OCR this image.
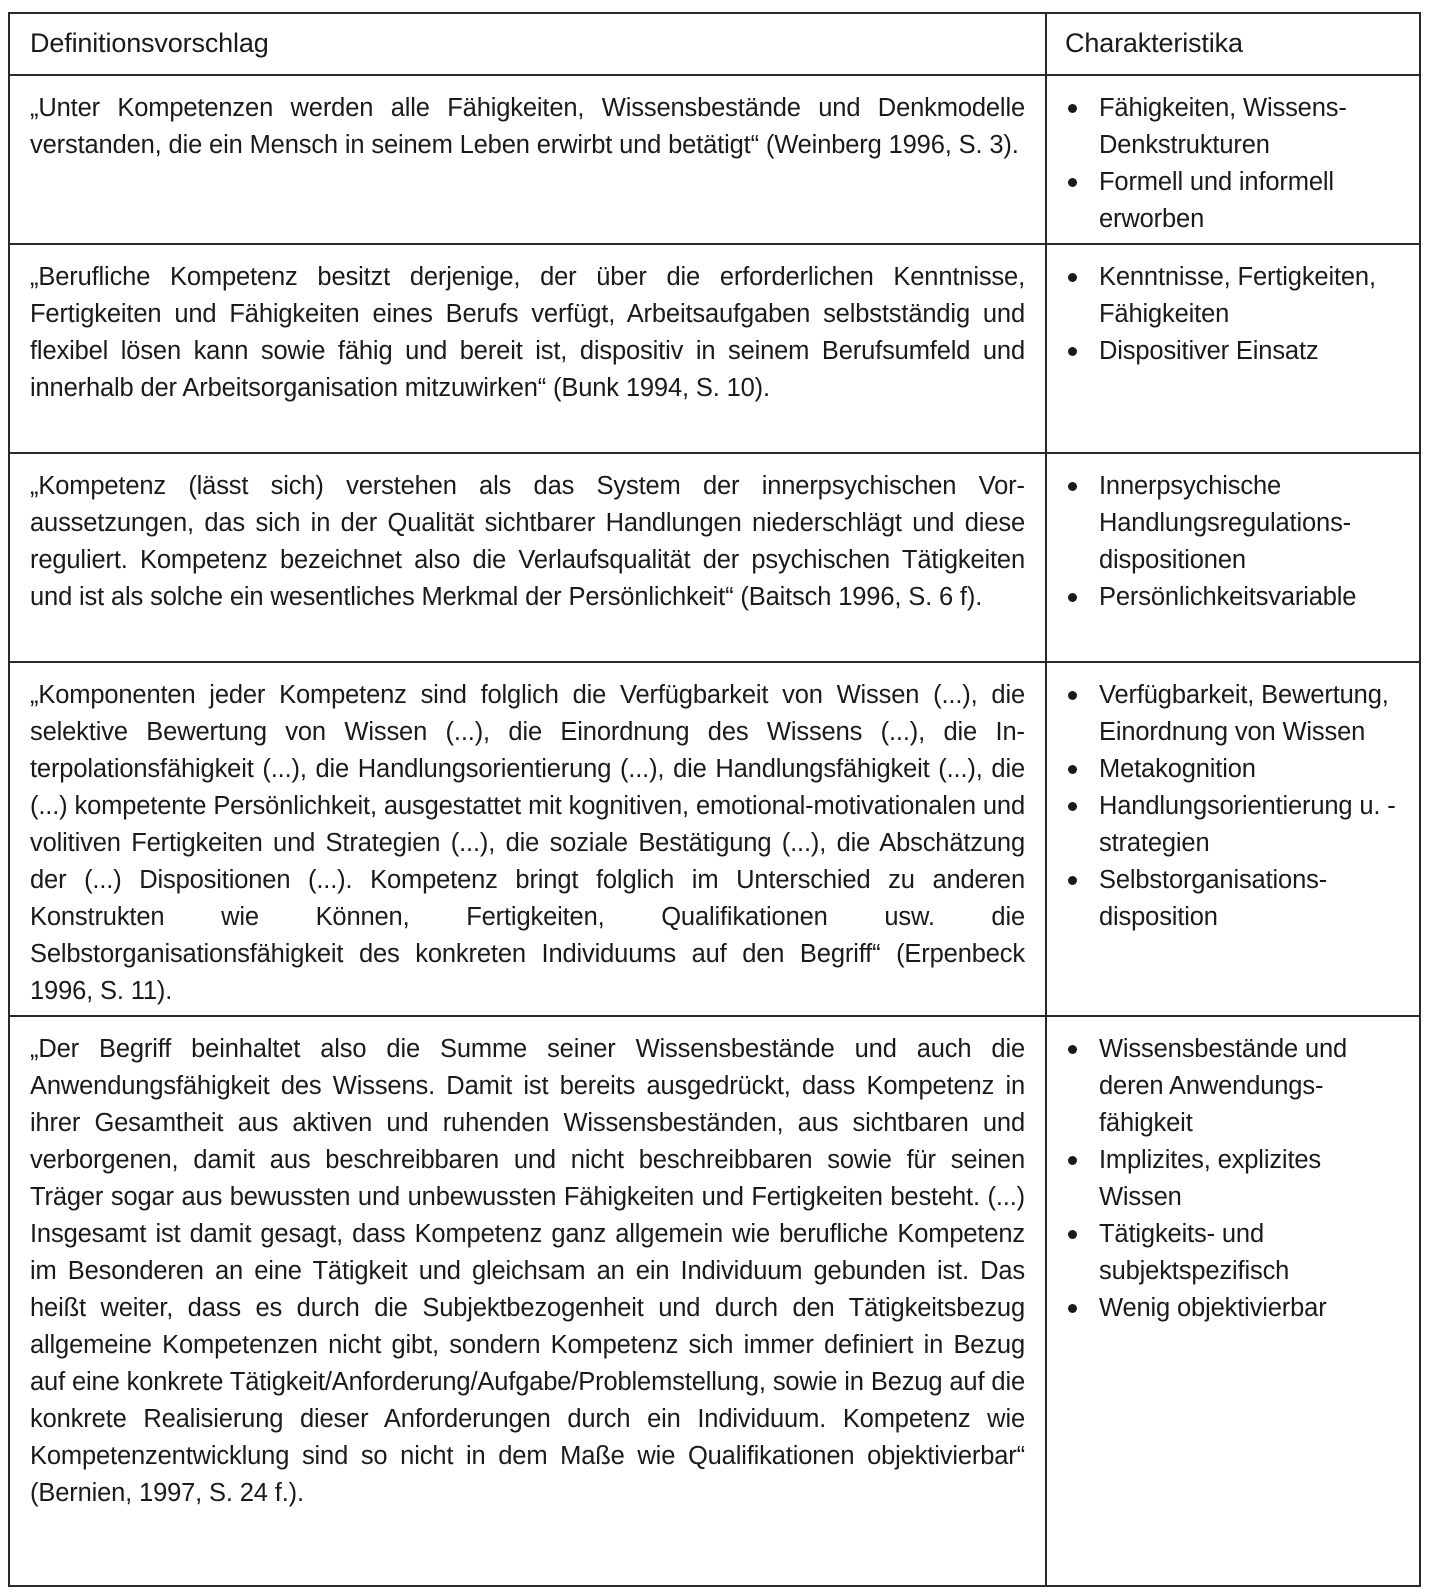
Definitionsvorschlag	Charakteristika
„Unter Kompetenzen werden alle Fähigkeiten, Wissensbestände und Denkmodelle verstanden, die ein Mensch in seinem Leben erwirbt und betätigt“ (Weinberg 1996, S. 3).
Fähigkeiten, Wissens-Denkstrukturen
Formell und informell erworben
„Berufliche Kompetenz besitzt derjenige, der über die erforderlichen Kenntnisse, Fertigkeiten und Fähigkeiten eines Berufs verfügt, Arbeitsaufgaben selbstständig und flexibel lösen kann sowie fähig und bereit ist, dispositiv in seinem Berufsumfeld und innerhalb der Arbeitsorganisation mitzuwirken“ (Bunk 1994, S. 10).
Kenntnisse, Fertigkeiten, Fähigkeiten
Dispositiver Einsatz
„Kompetenz (lässt sich) verstehen als das System der innerpsychischen Voraussetzungen, das sich in der Qualität sichtbarer Handlungen niederschlägt und diese reguliert. Kompetenz bezeichnet also die Verlaufsqualität der psychischen Tätigkeiten und ist als solche ein wesentliches Merkmal der Persönlichkeit“ (Baitsch 1996, S. 6 f).
Innerpsychische Handlungsregulationsdispositionen
Persönlichkeitsvariable
„Komponenten jeder Kompetenz sind folglich die Verfügbarkeit von Wissen (...), die selektive Bewertung von Wissen (...), die Einordnung des Wissens (...), die Interpolationsfähigkeit (...), die Handlungsorientierung (...), die Handlungsfähigkeit (...), die (...) kompetente Persönlichkeit, ausgestattet mit kognitiven, emotional-motivationalen und volitiven Fertigkeiten und Strategien (...), die soziale Bestätigung (...), die Abschätzung der (...) Dispositionen (...). Kompetenz bringt folglich im Unterschied zu anderen Konstrukten wie Können, Fertigkeiten, Qualifikationen usw. die Selbstorganisationsfähigkeit des konkreten Individuums auf den Begriff“ (Erpenbeck 1996, S. 11).
Verfügbarkeit, Bewertung, Einordnung von Wissen
Metakognition
Handlungsorientierung u. -strategien
Selbstorganisationsdisposition
„Der Begriff beinhaltet also die Summe seiner Wissensbestände und auch die Anwendungsfähigkeit des Wissens. Damit ist bereits ausgedrückt, dass Kompetenz in ihrer Gesamtheit aus aktiven und ruhenden Wissensbeständen, aus sichtbaren und verborgenen, damit aus beschreibbaren und nicht beschreibbaren sowie für seinen Träger sogar aus bewussten und unbewussten Fähigkeiten und Fertigkeiten besteht. (...) Insgesamt ist damit gesagt, dass Kompetenz ganz allgemein wie berufliche Kompetenz im Besonderen an eine Tätigkeit und gleichsam an ein Individuum gebunden ist. Das heißt weiter, dass es durch die Subjektbezogenheit und durch den Tätigkeitsbezug allgemeine Kompetenzen nicht gibt, sondern Kompetenz sich immer definiert in Bezug auf eine konkrete Tätigkeit/Anforderung/Aufgabe/Problemstellung, sowie in Bezug auf die konkrete Realisierung dieser Anforderungen durch ein Individuum. Kompetenz wie Kompetenzentwicklung sind so nicht in dem Maße wie Qualifikationen objektivierbar“ (Bernien, 1997, S. 24 f.).
Wissensbestände und deren Anwendungsfähigkeit
Implizites, explizites Wissen
Tätigkeits- und subjektspezifisch
Wenig objektivierbar
